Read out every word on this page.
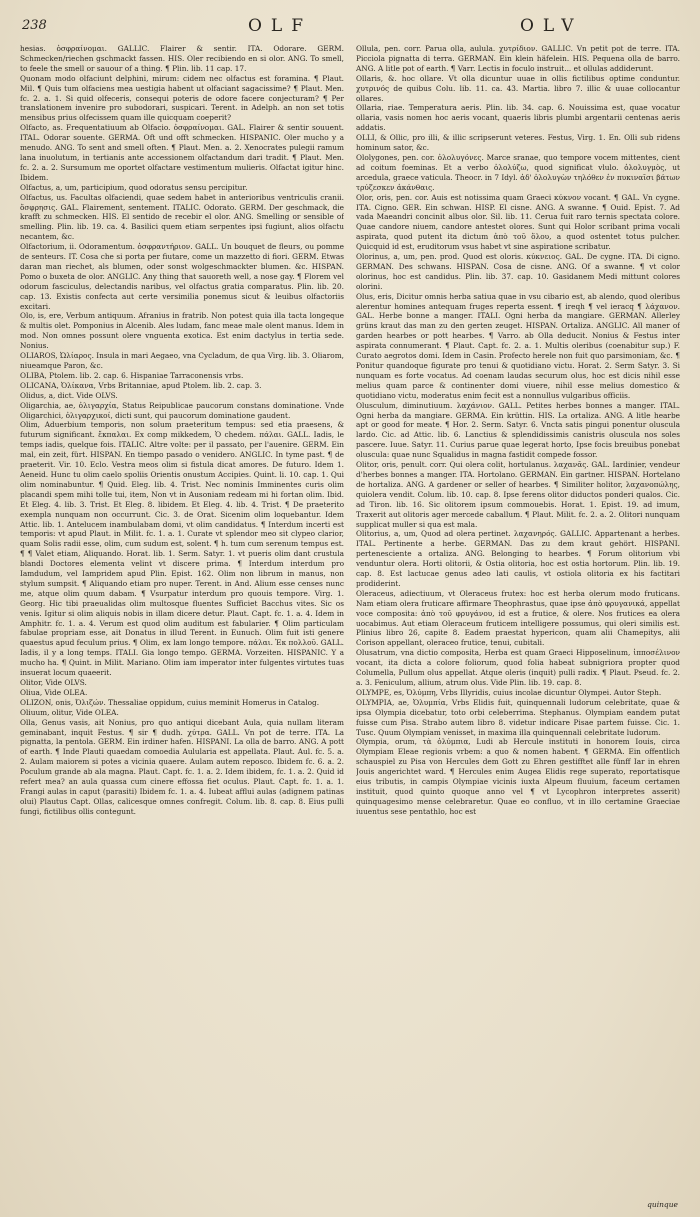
238	OLF	OLV

hesias. ὀσφραίνομαι. GALLIC. Flairer & sentir. ITA. Odorare. GERM. Schmecken/riechen gschmackt fassen. HIS. Oler recibiendo en si olor. ANG. To smell, to feele the smell or sauour of a thing. ¶ Plin. lib. 11 cap. 17.

Quonam modo olfaciunt delphini, mirum: cidem nec olfactus est foramina. ¶ Plaut. Mil. ¶ Quis tum olfaciens mea uestigia habent ut olfaciant sagacissime? ¶ Plaut. Men. fc. 2. a. 1. Si quid olfeceris, consequi poteris de odore facere conjecturam? ¶ Per translationem invenire pro subodorari, suspicari. Terent. in Adelph. an non set totis mensibus prius olfecissem quam ille quicquam coeperit?

Olfacto, as. Frequentatiuum ab Olfacio. ὀσφραίνομαι. GAL. Flairer & sentir souuent. ITAL. Odorar souente. GERMA. Oft und offt schmecken. HISPANIC. Oler mucho y a menudo. ANG. To sent and smell often. ¶ Plaut. Men. a. 2. Xenocrates pulegii ramum lana inuolutum, in tertianis ante accessionem olfactandum dari tradit. ¶ Plaut. Men. fc. 2. a. 2. Sursumum me oportet olfactare vestimentum mulieris. Olfactat igitur hinc. Ibidem.

Olfactus, a, um, participium, quod odoratus sensu percipitur.

Olfactus, us. Facultas olfaciendi, quae sedem habet in anterioribus ventriculis cranii. ὄσφρησις. GAL. Flairement, sentement. ITALIC. Odorato. GERM. Der geschmack, die krafft zu schmecken. HIS. El sentido de recebir el olor. ANG. Smelling or sensible of smelling. Plin. lib. 19. ca. 4. Basilici quem etiam serpentes ipsi fugiunt, alios olfactu necantem, &c.

Olfactorium, ii. Odoramentum. ὀσφραντήριον. GALL. Un bouquet de fleurs, ou pomme de senteurs. IT. Cosa che si porta per fiutare, come un mazzetto di fiori. GERM. Etwas daran man riechet, als blumen, oder sonst wolgeschmackter blumen. &c. HISPAN. Pomo o buxeta de olor. ANGLIC. Any thing that sauoreth well, a nose gay. ¶ Florem vel odorum fasciculus, delectandis naribus, vel olfactus gratia comparatus. Plin. lib. 20. cap. 13. Existis confecta aut certe versimilia ponemus sicut & leuibus olfactoriis excitari.

Olo, is, ere, Verbum antiquum. Afranius in fratrib. Non potest quia illa tacta longeque & multis olet. Pomponius in Alcenib. Ales ludam, fanc meae male olent manus. Idem in mod. Non omnes possunt olere vnguenta exotica. Est enim dactylus in tertia sede. Nonius.

OLIAROS, Ὠλίαρος. Insula in mari Aegaeo, vna Cycladum, de qua Virg. lib. 3. Oliarom, niueamque Paron, &c.

OLIBA, Ptolem. lib. 2. cap. 6. Hispaniae Tarraconensis vrbs.

OLICANA, Ὀλίκανα, Vrbs Britanniae, apud Ptolem. lib. 2. cap. 3.

Olidus, a, dict. Vide OLVS.

Oligarchia, ae, ὀλιγαρχία, Status Reipublicae paucorum constans dominatione. Vnde Oligarchici, ὀλιγαρχικοί, dicti sunt, qui paucorum dominatione gaudent.

Olim, Aduerbium temporis, non solum praeteritum tempus: sed etia praesens, & futurum significant. ἔκπαλαι. Ex comp mikkedem, Ὁ chedem. πάλαι. GALL. Iadis, le temps iadis, quelque fois. ITALIC. Altre volte: per il passato, per l'auenire. GERM. Ein mal, ein zeit, fürt. HISPAN. En tiempo pasado o venidero. ANGLIC. In tyme past. ¶ de praeterit. Vir. 10. Eclo. Vestra meos olim si fistula dicat amores. De futuro. Idem 1. Aeneid. Hunc tu olim caelo spoliis Orientis onustum Accipies. Quint. li. 10. cap. 1. Qui olim nominabuntur. ¶ Quid. Eleg. lib. 4. Trist. Nec nominis Imminentes curis olim placandi spem mihi tolle tui, item, Non vt in Ausoniam redeam mi hi fortan olim. Ibid. Et Eleg. 4. lib. 3. Trist. Et Eleg. 8. libidem. Et Eleg. 4. lib. 4. Trist. ¶ De praeterito exempla nunquam non occurrunt. Cic. 3. de Orat. Sicenim olim loquebantur. Idem Attic. lib. 1. Antelucem inambulabam domi, vt olim candidatus. ¶ Interdum incerti est temporis: vt apud Plaut. in Milit. fc. 1. a. 1. Curate vt splendor meo sit clypeo clarior, quam Solis radii esse, olim, cum sudum est, solent. ¶ h. tum cum serenum tempus est. ¶ ¶ Valet etiam, Aliquando. Horat. lib. 1. Serm. Satyr. 1. vt pueris olim dant crustula blandi Doctores elementa velint vt discere prima. ¶ Interdum interdum pro Iamdudum, vel Iampridem apud Plin. Epist. 162. Olim non librum in manus, non stylum sumpsit. ¶ Aliquando etiam pro nuper. Terent. in And. Alium esse censes nunc me, atque olim quum dabam. ¶ Vsurpatur interdum pro quouis tempore. Virg. 1. Georg. Hic tibi praeualidas olim multosque fluentes Sufficiet Bacchus vites. Sic os venis. Igitur si olim aliquis nobis in illam dicere detur. Plaut. Capt. fc. 1. a. 4. Idem in Amphitr. fc. 1. a. 4. Verum est quod olim auditum est fabularier. ¶ Olim particulam fabulae propriam esse, ait Donatus in illud Terent. in Eunuch. Olim fuit isti genere quaestus apud feculum prius. ¶ Olim, ex lam longo tempore. πάλαι. Ἐκ πολλοῦ. GALL. Iadis, il y a long temps. ITALI. Gia longo tempo. GERMA. Vorzeiten. HISPANIC. Y a mucho ha. ¶ Quint. in Milit. Mariano. Olim iam imperator inter fulgentes virtutes tuas insuerat locum quaeerit.

Olitor, Vide OLVS.

Oliua, Vide OLEA.

OLIZON, onis, Ὀλιζών. Thessaliae oppidum, cuius meminit Homerus in Catalog.

Oliuum, olitur, Vide OLEA.

Olla, Genus vasis, ait Nonius, pro quo antiqui dicebant Aula, quia nullam literam geminabant, inquit Festus. ¶ sir ¶ dudh. χύτρα. GALL. Vn pot de terre. ITA. La pignatta, la pentola. GERM. Ein irdiner hafen. HISPANI. La olla de barro. ANG. A pott of earth. ¶ Inde Plauti quaedam comoedia Aulularia est appellata. Plaut. Aul. fc. 5. a. 2. Aulam maiorem si potes a vicinia quaere. Aulam autem reposco. Ibidem fc. 6. a. 2. Poculum grande ab ala magna. Plaut. Capt. fc. 1. a. 2. Idem ibidem, fc. 1. a. 2. Quid id refert mea? an aula quassa cum cinere effossa fiet oculus. Plaut. Capt. fc. 1. a. 1. Frangi aulas in caput (parasiti) Ibidem fc. 1. a. 4. Iubeat afflui aulas (adignem patinas olui) Plautus Capt. Ollas, calicesque omnes confregit. Colum. lib. 8. cap. 8. Eius pulli fungi, fictilibus ollis contegunt.

Ollula, pen. corr. Parua olla, aulula. χυτρίδιον. GALLIC. Vn petit pot de terre. ITA. Picciola pignatta di terra. GERMAN. Ein klein häfelein. HIS. Pequena olla de barro. ANG. A litle pot of earth. ¶ Varr. Lectis in foculo instruit... et ollulas addiderunt.

Ollaris, &. hoc ollare. Vt olla dicuntur uuae in ollis fictilibus optime conduntur. χυτρινός de quibus Colu. lib. 11. ca. 43. Martia. libro 7. illic & uuae collocantur ollares.

Ollaria, riae. Temperatura aeris. Plin. lib. 34. cap. 6. Nouissima est, quae vocatur ollaria, vasis nomen hoc aeris vocant, quaeris libris plumbi argentarii centenas aeris addatis.

OLLI, & Ollic, pro illi, & illic scripserunt veteres. Festus, Virg. 1. En. Olli sub ridens hominum sator, &c.

Ololygones, pen. cor. ὀλολυγόνες. Marce sranae, quo tempore vocem mittentes, cient ad coitum foeminas. Et a verbo ὀλολύζω, quod significat vlulo. ὀλολυγμὸς, ut arcedula, graece vaticula. Theocr. in 7 Idyl. ἀδ' ὀλολυγὼν τηλόθεν ἐν πυκιναῖσι βάτων τρύζεσκεν ἀκάνθαις.

Olor, oris, pen. cor. Auis est notissima quam Graeci κύκνον vocant. ¶ GAL. Vn cygne. ITA. Cigno. GER. Ein schwan. HISP. El cisne. ANG. A swanne. ¶ Ouid. Epist. 7. Ad vada Maeandri concinit albus olor. Sil. lib. 11. Cerua fuit raro ternis spectata colore. Quae candore niuem, candore antestet olores. Sunt qui Holor scribant prima vocali aspirata, quod putent ita dictum ἀπὸ τοῦ ὅλου, a quod ostentet totus pulcher. Quicquid id est, eruditorum vsus habet vt sine aspiratione scribatur.

Olorinus, a, um, pen. prod. Quod est oloris. κύκνειος. GAL. De cygne. ITA. Di cigno. GERMAN. Des schwans. HISPAN. Cosa de cisne. ANG. Of a swanne. ¶ vt color olorinus, hoc est candidus. Plin. lib. 37. cap. 10. Gasidanem Medi mittunt colores olorini.

Olus, eris, Dicitur omnis herba satiua quae in vsu cibario est, ab alendo, quod oleribus alerentur homines antequam fruges reperta essent. ¶ ireqh ¶ vel ieracq ¶ λάχανον. GAL. Herbe bonne a manger. ITALI. Ogni herba da mangiare. GERMAN. Allerley grüns kraut das man zu den gerten zeuget. HISPAN. Ortaliza. ANGLIC. All maner of garden hearbes or pott hearbes. ¶ Varro. ab Olla deducit. Nonius & Festus inter aspirata connumerant. ¶ Plaut. Capt. fc. 2. a. 1. Multis oleribus (coenabitur sup.) F. Curato aegrotos domi. Idem in Casin. Profecto herele non fuit quo parsimoniam, &c. ¶ Ponitur quandoque figurate pro tenui & quotidiano victu. Horat. 2. Serm Satyr. 3. Si nunquam es forte vocatus. Ad coenam laudas securum olus, hoc est dicis nihil esse melius quam parce & continenter domi viuere, nihil esse melius domestico & quotidiano victu, moderatus enim fecit est a nonnullus vulgaribus officiis.

Olusculum, diminutiuum. λαχάνιον. GALL. Petites herbes bonnes a manger. ITAL. Ogni herba da mangiare. GERMA. Ein krüttin. HIS. La ortaliza. ANG. A litle hearbe apt or good for meate. ¶ Hor. 2. Serm. Satyr. 6. Vncta satis pingui ponentur oluscula lardo. Cic. ad Attic. lib. 6. Lanctius & splendidissimis canistris oluscula nos soles pascere. Iuue. Satyr. 11. Curius parue quae legerat horto, Ipse focis breuibus ponebat oluscula: quae nunc Squalidus in magna fastidit compede fossor.

Olitor, oris, penult. corr. Qui olera colit, hortulanus. λαχανᾶς. GAL. Iardinier, vendeur d'herbes bonnes a manger. ITA. Hortolano. GERMAN. Ein gartner. HISPAN. Hortelano de hortaliza. ANG. A gardener or seller of hearbes. ¶ Similiter holitor, λαχανοπώλης, quiolera vendit. Colum. lib. 10. cap. 8. Ipse ferens olitor diductos ponderi qualos. Cic. ad Tiron. lib. 16. Sic olitorem ipsum commouebis. Horat. 1. Epist. 19. ad imum, Traxerit aut olitoris ager mercede caballum. ¶ Plaut. Milit. fc. 2. a. 2. Olitori nunquam supplicat muller si qua est mala.

Olitorius, a, um, Quod ad olera pertinet. λαχανηρός. GALLIC. Appartenant a herbes. ITAL. Pertinente a herbe. GERMAN. Das zu dem kraut gehört. HISPANI. pertenesciente a ortaliza. ANG. Belonging to hearbes. ¶ Forum olitorium vbi venduntur olera. Horti olitorii, & Ostia olitoria, hoc est ostia hortorum. Plin. lib. 19. cap. 8. Est lactucae genus adeo lati caulis, vt ostiola olitoria ex his factitari prodiderint.

Oleraceus, adiectiuum, vt Oleraceus frutex: hoc est herba olerum modo fruticans. Nam etiam olera fruticare affirmare Theophrastus, quae ipse ἀπὸ φρυγανικά, appellat voce composita: ἀπὸ τοῦ φρυγάνου, id est a frutice, & olere. Nos frutices ea olera uocabimus. Aut etiam Oleraceum fruticem intelligere possumus, qui oleri similis est. Plinius libro 26, capite 8. Eadem praestat hypericon, quam alii Chamepitys, alii Corison appellant, oleraceo frutice, tenui, cubitali.

Olusatrum, vna dictio composita, Herba est quam Graeci Hipposelinum, ἱπποσέλινον vocant, ita dicta a colore foliorum, quod folia habeat subnigriora propter quod Columella, Pullum olus appellat. Atque oleris (inquit) pulli radix. ¶ Plaut. Pseud. fc. 2. a. 3. Feniculum, allium, atrum olus. Vide Plin. lib. 19. cap. 8.

OLYMPE, es, Ὀλύμπη, Vrbs Illyridis, cuius incolae dicuntur Olympei. Autor Steph.

OLYMPIA, ae, Ὀλυμπία, Vrbs Elidis fuit, quinquennali ludorum celebritate, quae & ipsa Olympia dicebatur, toto orbi celeberrima. Stephanus. Olympiam eandem putat fuisse cum Pisa. Strabo autem libro 8. videtur indicare Pisae partem fuisse. Cic. 1. Tusc. Quum Olympiam venisset, in maxima illa quinquennali celebritate ludorum.

Olympia, orum, τὰ ὀλύμπια, Ludi ab Hercule instituti in honorem Iouis, circa Olympiam Eleae regionis vrbem: a quo & nomen habent. ¶ GERMA. Ein offentlich schauspiel zu Pisa von Hercules dem Gott zu Ehren gestifftet alle fünff Iar in ehren Jouis angerichtet ward. ¶ Hercules enim Augea Elidis rege superato, reportatisque eius tributis, in campis Olympiae vicinis iuxta Alpeum fluuium, faceum certamen instituit, quod quinto quoque anno vel ¶ vt Lycophron interpretes asserit) quinquagesimo mense celebraretur. Quae eo confluo, vt in illo certamine Graeciae iuuentus sese pentathlo, hoc est

quinque
